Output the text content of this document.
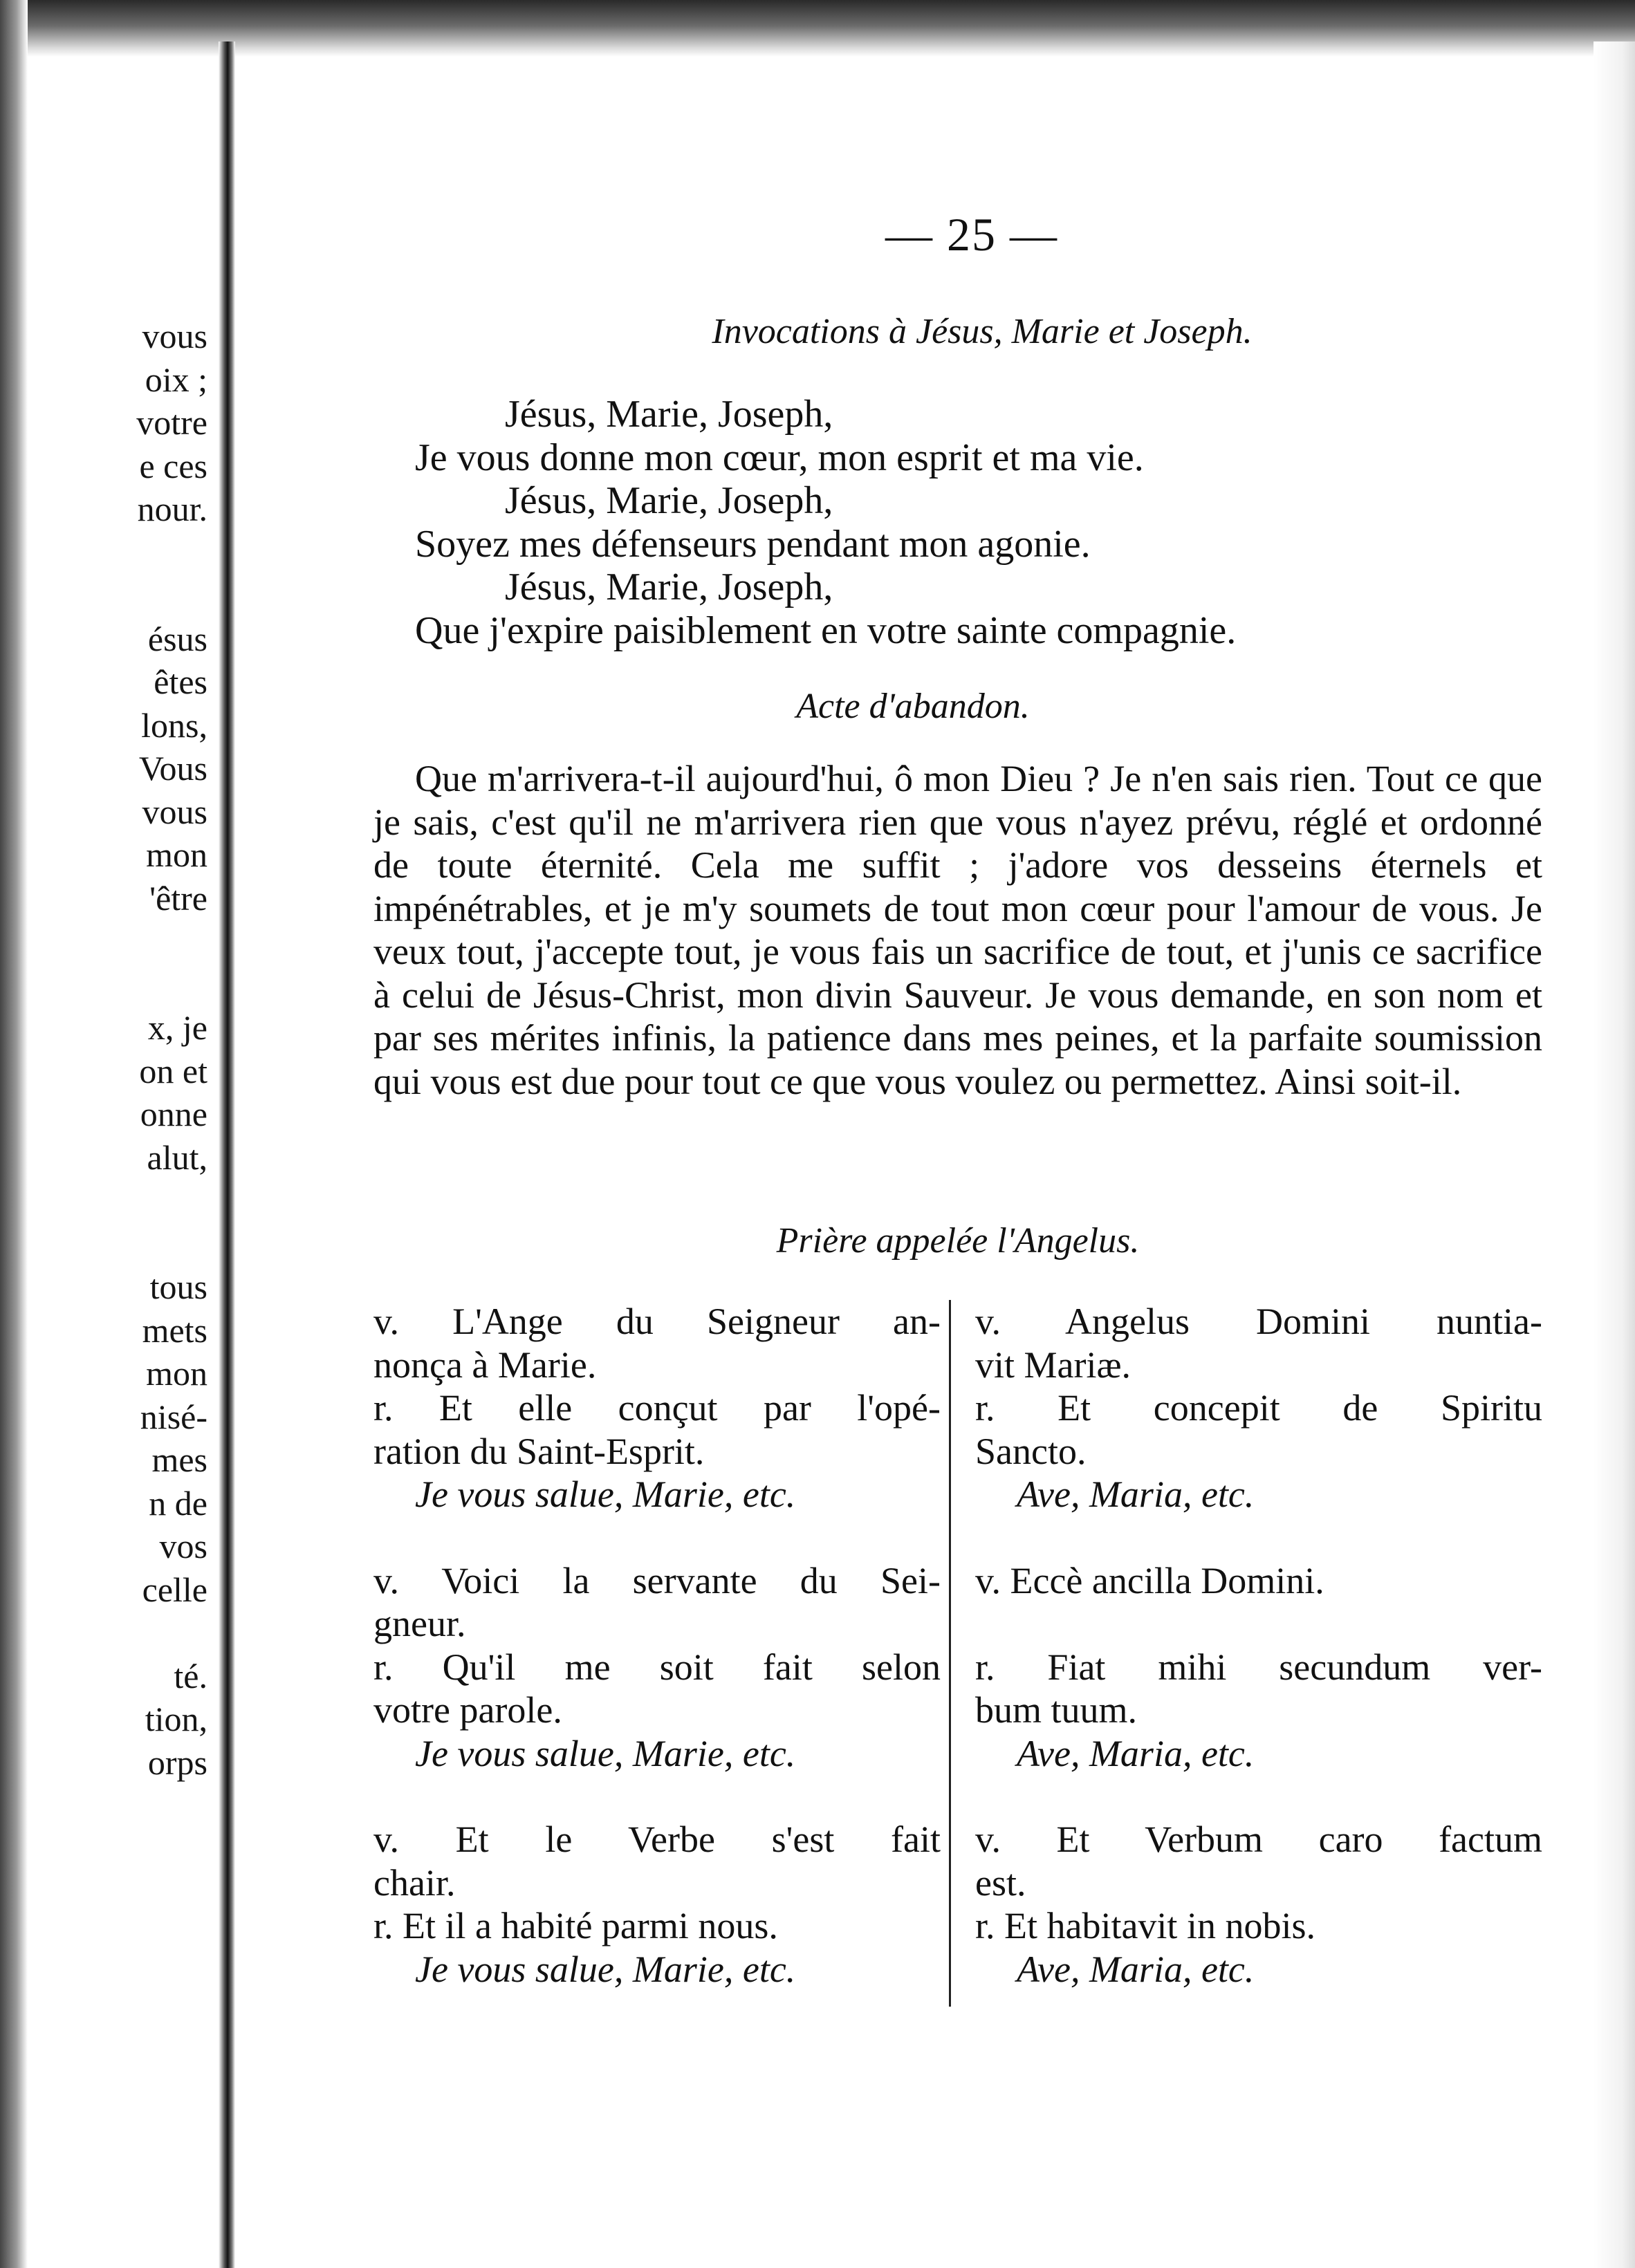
vous
oix ;
votre
e ces
nour.
ésus
êtes
lons,
Vous
vous
mon
'être
x, je
on et
onne
alut,
tous
mets
mon
nisé-
mes
n de
vos
celle
té.
tion,
orps
— 25 —
Invocations à Jésus, Marie et Joseph.
Jésus, Marie, Joseph,
Je vous donne mon cœur, mon esprit et ma vie.
Jésus, Marie, Joseph,
Soyez mes défenseurs pendant mon agonie.
Jésus, Marie, Joseph,
Que j'expire paisiblement en votre sainte compagnie.
Acte d'abandon.
Que m'arrivera-t-il aujourd'hui, ô mon Dieu ? Je n'en sais rien. Tout ce que je sais, c'est qu'il ne m'arrivera rien que vous n'ayez prévu, réglé et ordonné de toute éternité. Cela me suffit ; j'adore vos desseins éternels et impénétrables, et je m'y soumets de tout mon cœur pour l'amour de vous. Je veux tout, j'accepte tout, je vous fais un sacrifice de tout, et j'unis ce sacrifice à celui de Jésus-Christ, mon divin Sauveur. Je vous demande, en son nom et par ses mérites infinis, la patience dans mes peines, et la parfaite soumission qui vous est due pour tout ce que vous voulez ou permettez. Ainsi soit-il.
Prière appelée l'Angelus.
v. L'Ange du Seigneur an-
nonça à Marie.
r. Et elle conçut par l'opé-
ration du Saint-Esprit.
Je vous salue, Marie, etc.
v. Voici la servante du Sei-
gneur.
r. Qu'il me soit fait selon
votre parole.
Je vous salue, Marie, etc.
v. Et le Verbe s'est fait
chair.
r. Et il a habité parmi nous.
Je vous salue, Marie, etc.
v. Angelus Domini nuntia-
vit Mariæ.
r. Et concepit de Spiritu
Sancto.
Ave, Maria, etc.
v. Eccè ancilla Domini.

r. Fiat mihi secundum ver-
bum tuum.
Ave, Maria, etc.
v. Et Verbum caro factum
est.
r. Et habitavit in nobis.
Ave, Maria, etc.
